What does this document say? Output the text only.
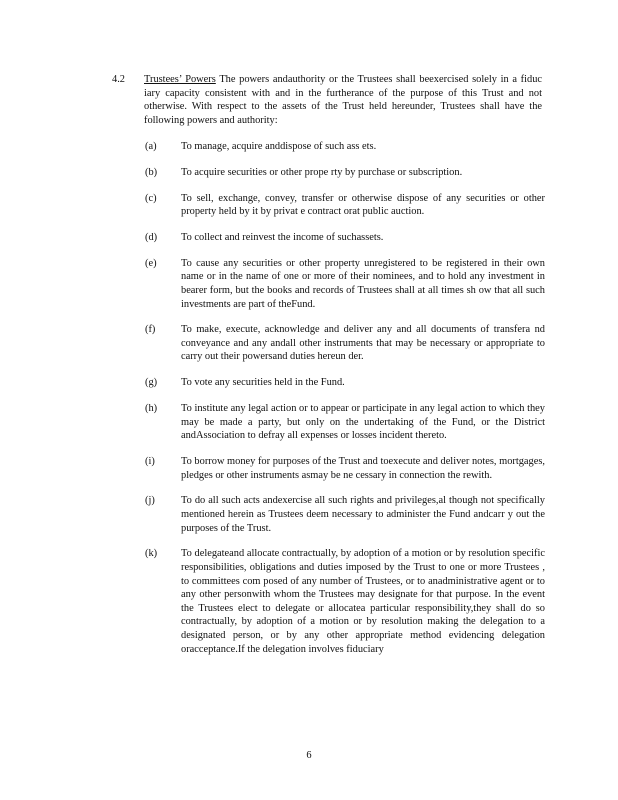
4.2 Trustees’ Powers The powers andauthority or the Trustees shall beexercised solely in a fiduc iary capacity consistent with and in the furtherance of the purpose of this Trust and not otherwise. With respect to the assets of the Trust held hereunder, Trustees shall have the following powers and authority:
(a)	To manage, acquire anddispose of such ass ets.
(b)	To acquire securities or other prope rty by purchase or subscription.
(c)	To sell, exchange, convey, transfer or otherwise dispose of any securities or other property held by it by privat e contract orat public auction.
(d)	To collect and reinvest the income of suchassets.
(e)	To cause any securities or other property unregistered to be registered in their own name or in the name of one or more of their nominees, and to hold any investment in bearer form, but the books and records of Trustees shall at all times sh ow that all such investments are part of theFund.
(f)	To make, execute, acknowledge and deliver any and all documents of transfera nd conveyance and any andall other instruments that may be necessary or appropriate to carry out their powersand duties hereun der.
(g)	To vote any securities held in the Fund.
(h)	To institute any legal action or to appear or participate in any legal action to which they may be made a party, but only on the undertaking of the Fund, or the District andAssociation to defray all expenses or losses incident thereto.
(i)	To borrow money for purposes of the Trust and toexecute and deliver notes, mortgages, pledges or other instruments asmay be ne cessary in connection the rewith.
(j)	To do all such acts andexercise all such rights and privileges,al though not specifically mentioned herein as Trustees deem necessary to administer the Fund andcarr y out the purposes of the Trust.
(k)	To delegateand allocate contractually, by adoption of a motion or by resolution specific responsibilities, obligations and duties imposed by the Trust to one or more Trustees , to committees com posed of any number of Trustees, or to anadministrative agent or to any other personwith whom the Trustees may designate for that purpose. In the event the Trustees elect to delegate or allocatea particular responsibility,they shall do so contractually, by adoption of a motion or by resolution making the delegation to a designated person, or by any other appropriate method evidencing delegation oracceptance.If the delegation involves fiduciary
6
